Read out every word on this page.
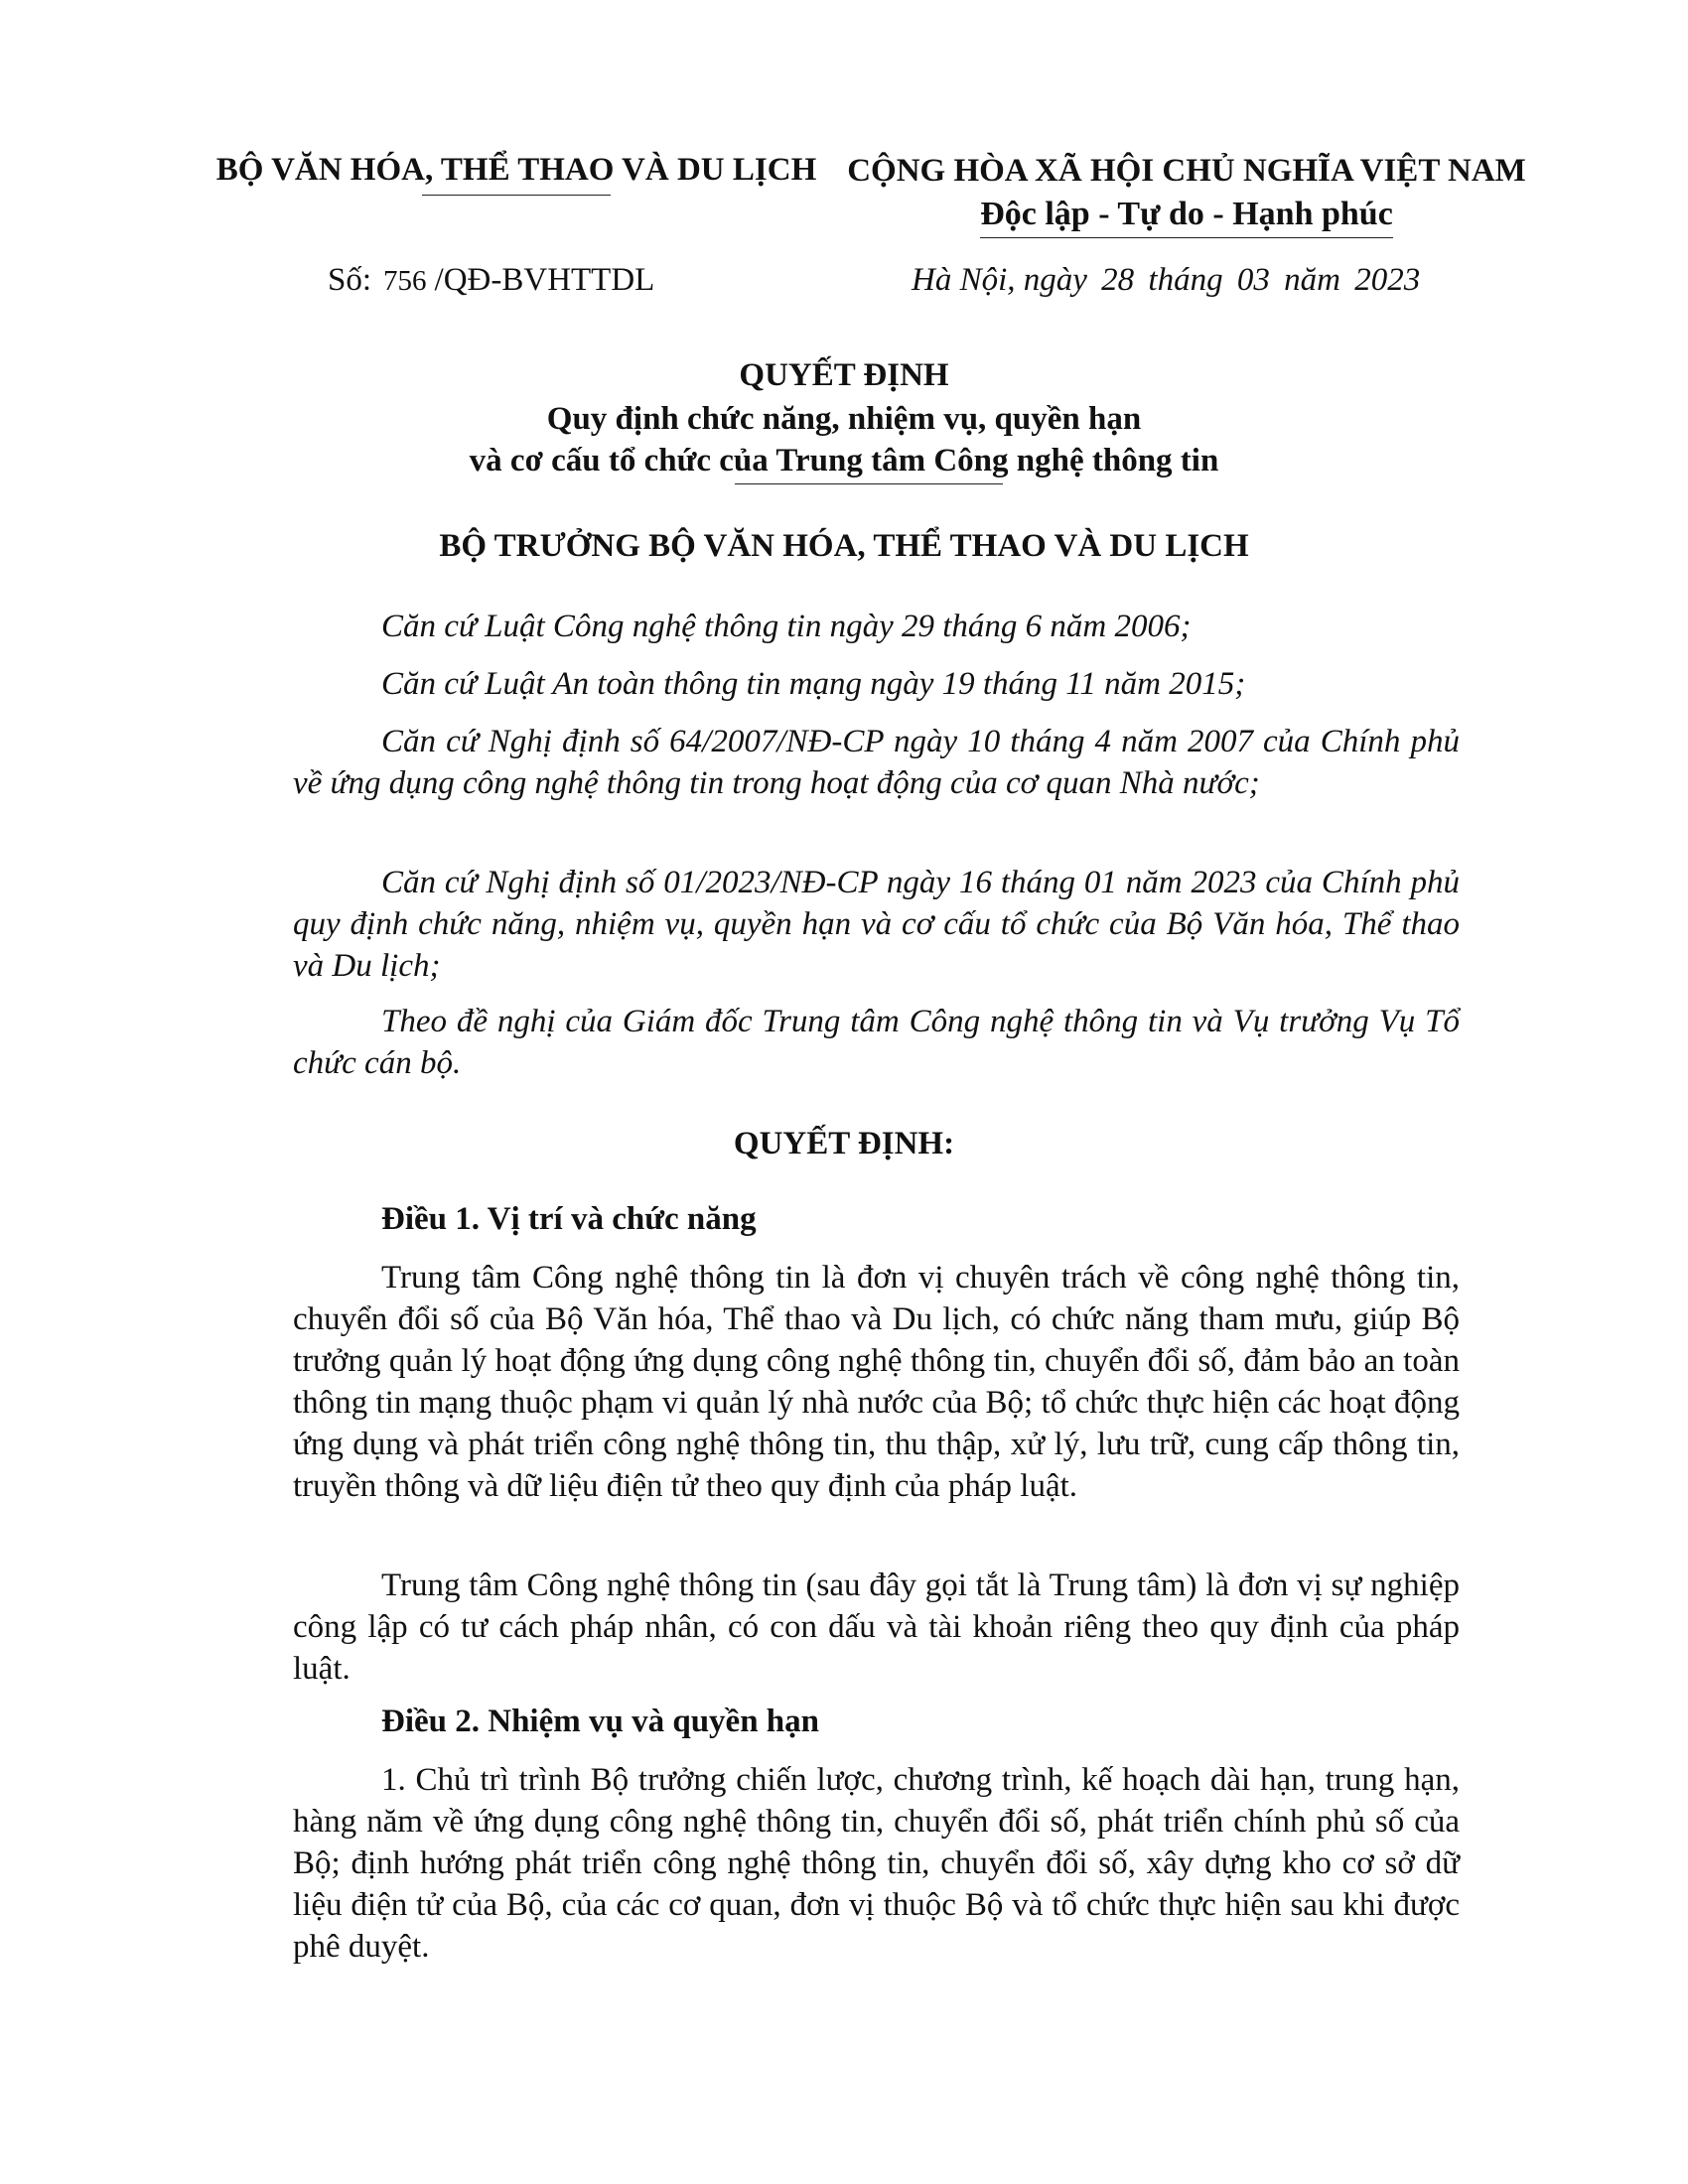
BỘ VĂN HÓA, THỂ THAO VÀ DU LỊCH CỘNG HÒA XÃ HỘI CHỦ NGHĨA VIỆT NAM
Độc lập - Tự do - Hạnh phúc
Số: 756 /QĐ-BVHTTDL	Hà Nội, ngày 28 tháng 03 năm 2023
QUYẾT ĐỊNH
Quy định chức năng, nhiệm vụ, quyền hạn
và cơ cấu tổ chức của Trung tâm Công nghệ thông tin
BỘ TRƯỞNG BỘ VĂN HÓA, THỂ THAO VÀ DU LỊCH
Căn cứ Luật Công nghệ thông tin ngày 29 tháng 6 năm 2006;
Căn cứ Luật An toàn thông tin mạng ngày 19 tháng 11 năm 2015;
Căn cứ Nghị định số 64/2007/NĐ-CP ngày 10 tháng 4 năm 2007 của Chính phủ về ứng dụng công nghệ thông tin trong hoạt động của cơ quan Nhà nước;
Căn cứ Nghị định số 01/2023/NĐ-CP ngày 16 tháng 01 năm 2023 của Chính phủ quy định chức năng, nhiệm vụ, quyền hạn và cơ cấu tổ chức của Bộ Văn hóa, Thể thao và Du lịch;
Theo đề nghị của Giám đốc Trung tâm Công nghệ thông tin và Vụ trưởng Vụ Tổ chức cán bộ.
QUYẾT ĐỊNH:
Điều 1. Vị trí và chức năng
Trung tâm Công nghệ thông tin là đơn vị chuyên trách về công nghệ thông tin, chuyển đổi số của Bộ Văn hóa, Thể thao và Du lịch, có chức năng tham mưu, giúp Bộ trưởng quản lý hoạt động ứng dụng công nghệ thông tin, chuyển đổi số, đảm bảo an toàn thông tin mạng thuộc phạm vi quản lý nhà nước của Bộ; tổ chức thực hiện các hoạt động ứng dụng và phát triển công nghệ thông tin, thu thập, xử lý, lưu trữ, cung cấp thông tin, truyền thông và dữ liệu điện tử theo quy định của pháp luật.
Trung tâm Công nghệ thông tin (sau đây gọi tắt là Trung tâm) là đơn vị sự nghiệp công lập có tư cách pháp nhân, có con dấu và tài khoản riêng theo quy định của pháp luật.
Điều 2. Nhiệm vụ và quyền hạn
1. Chủ trì trình Bộ trưởng chiến lược, chương trình, kế hoạch dài hạn, trung hạn, hàng năm về ứng dụng công nghệ thông tin, chuyển đổi số, phát triển chính phủ số của Bộ; định hướng phát triển công nghệ thông tin, chuyển đổi số, xây dựng kho cơ sở dữ liệu điện tử của Bộ, của các cơ quan, đơn vị thuộc Bộ và tổ chức thực hiện sau khi được phê duyệt.
